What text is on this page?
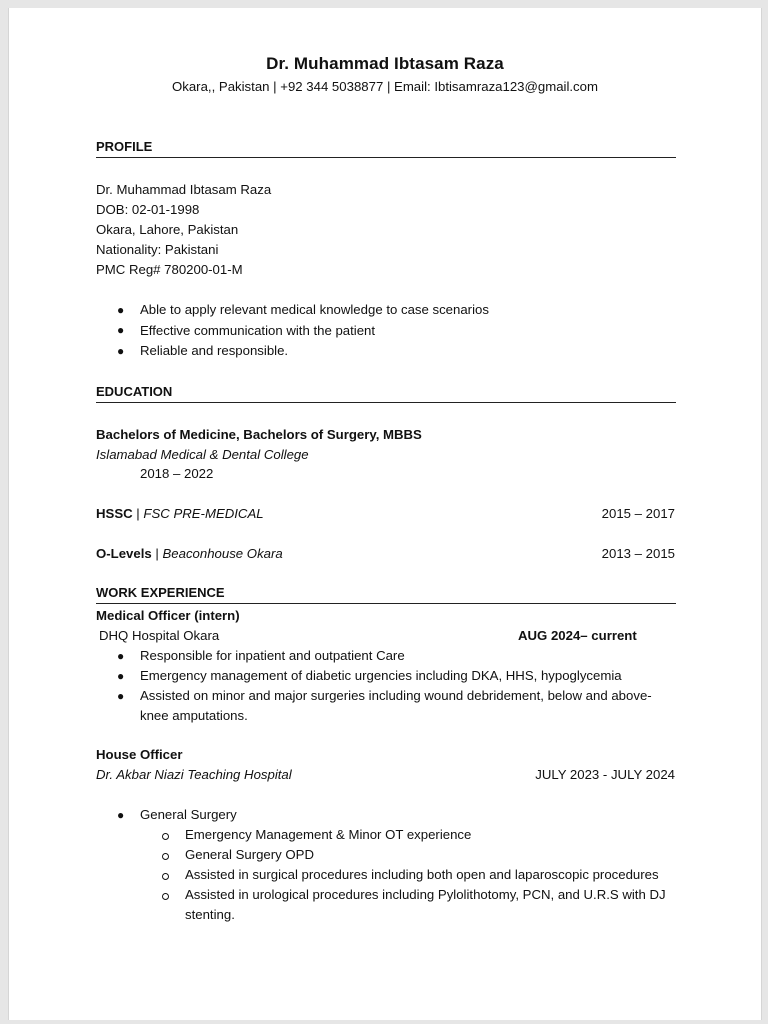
Dr. Muhammad Ibtasam Raza
Okara,, Pakistan | +92 344 5038877 | Email: Ibtisamraza123@gmail.com
PROFILE
Dr. Muhammad Ibtasam Raza
DOB: 02-01-1998
Okara, Lahore, Pakistan
Nationality: Pakistani
PMC Reg# 780200-01-M
● Able to apply relevant medical knowledge to case scenarios
● Effective communication with the patient
● Reliable and responsible.
EDUCATION
Bachelors of Medicine, Bachelors of Surgery, MBBS
Islamabad Medical & Dental College
2018 – 2022
HSSC | FSC PRE-MEDICAL	2015 – 2017
O-Levels | Beaconhouse Okara	2013 – 2015
WORK EXPERIENCE
Medical Officer (intern)
DHQ Hospital Okara	AUG 2024– current
● Responsible for inpatient and outpatient Care
● Emergency management of diabetic urgencies including DKA, HHS, hypoglycemia
● Assisted on minor and major surgeries including wound debridement, below and above-
knee amputations.
House Officer
Dr. Akbar Niazi Teaching Hospital	JULY 2023 - JULY 2024
● General Surgery
Emergency Management & Minor OT experience
General Surgery OPD
Assisted in surgical procedures including both open and laparoscopic procedures
Assisted in urological procedures including Pylolithotomy, PCN, and U.R.S with DJ
stenting.
